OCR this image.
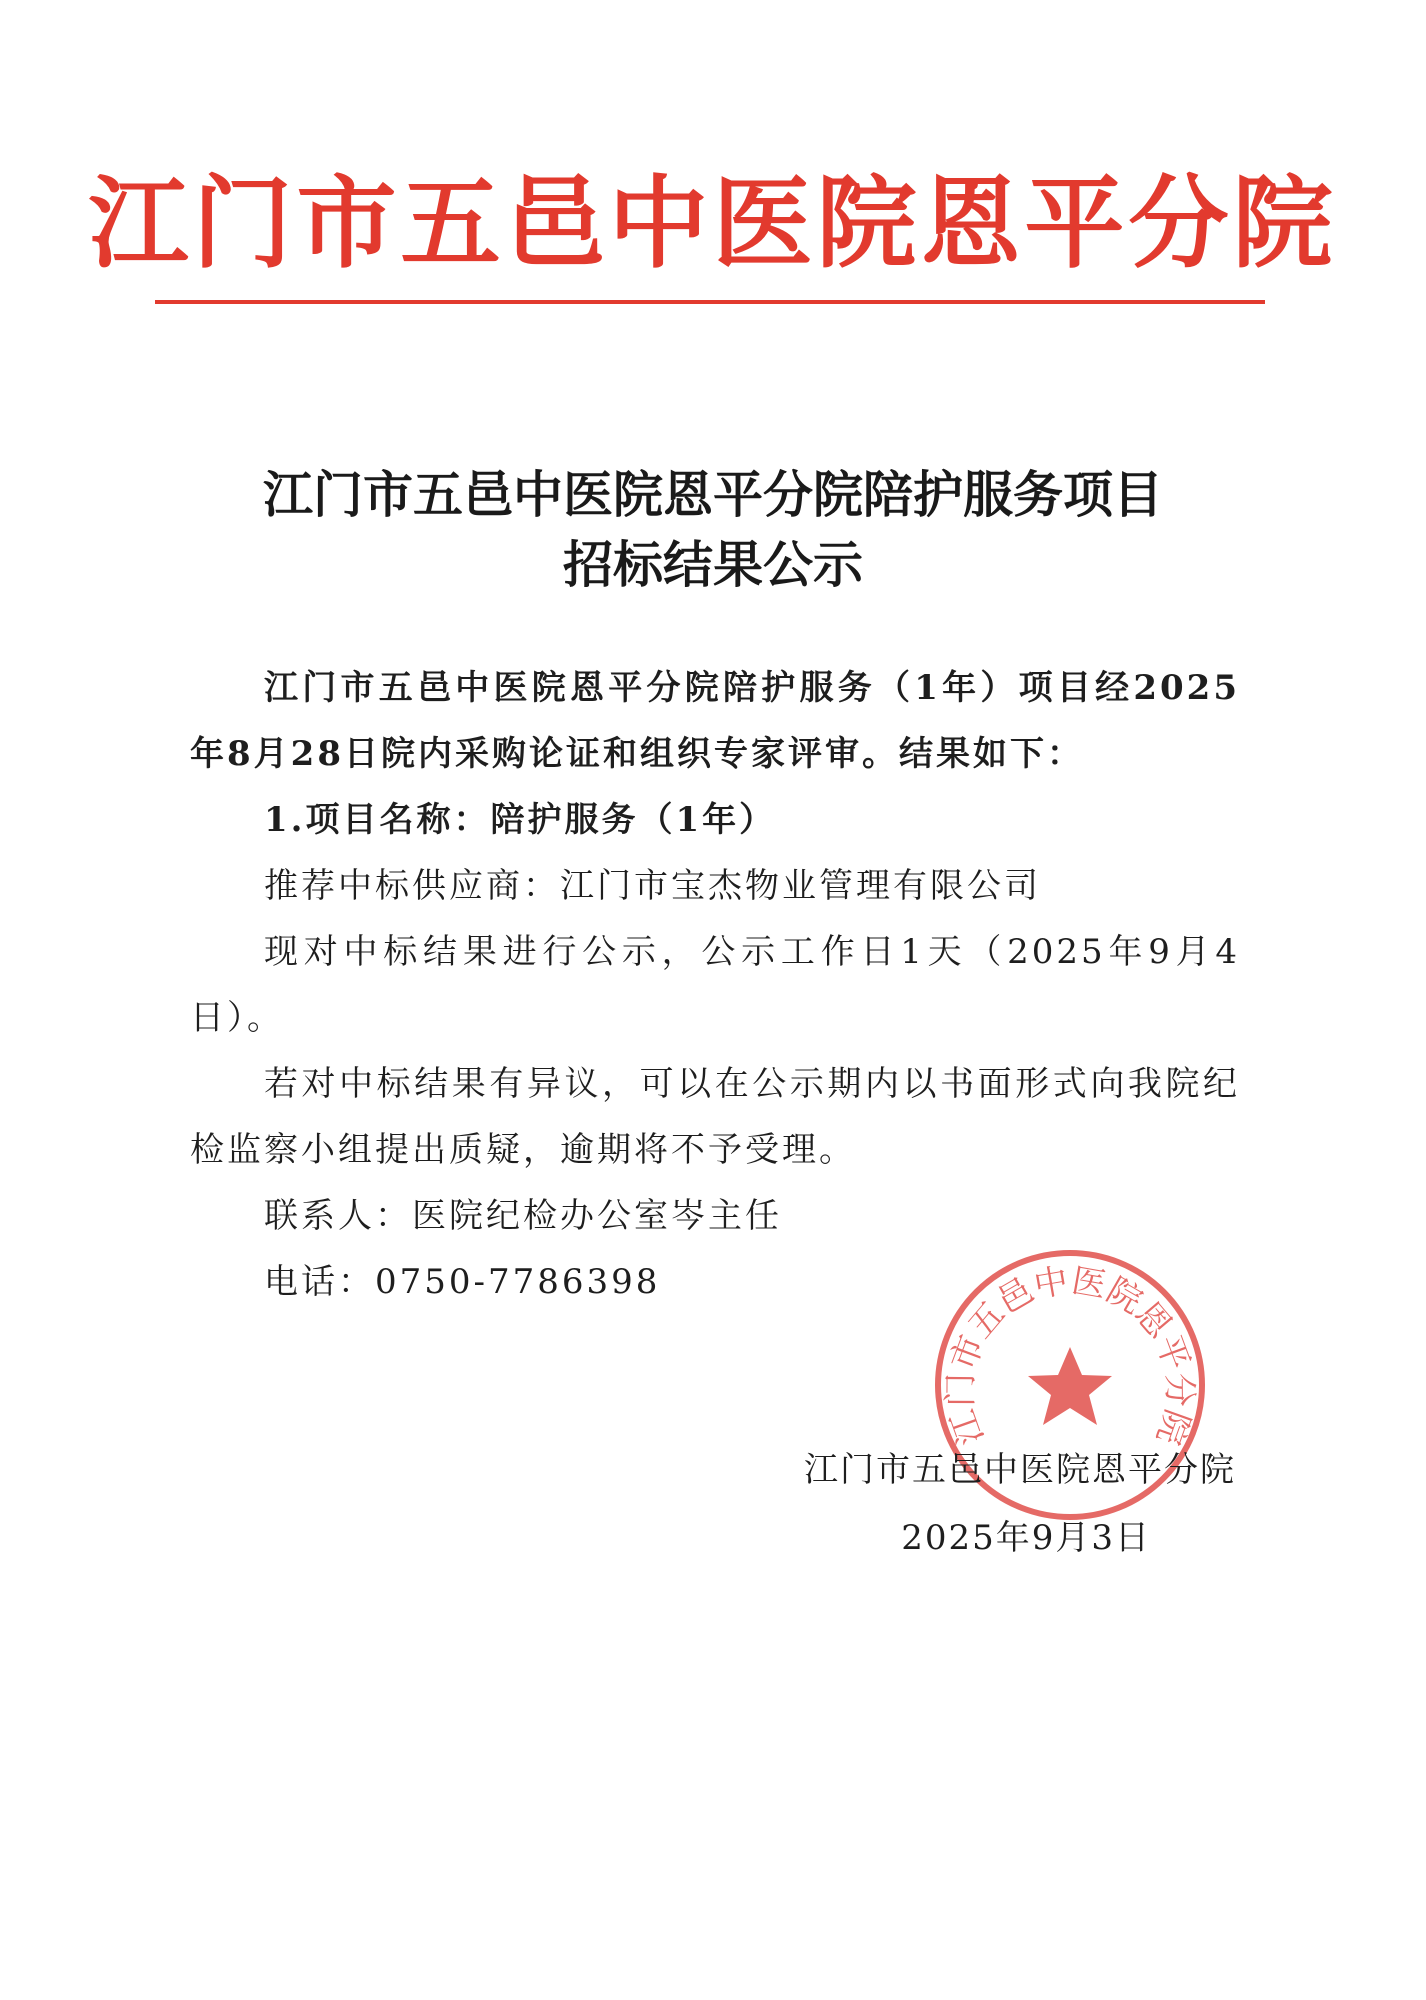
江门市五邑中医院恩平分院
江门市五邑中医院恩平分院陪护服务项目
招标结果公示

江门市五邑中医院恩平分院陪护服务（1年）项目经2025年8月28日院内采购论证和组织专家评审。结果如下：

1.项目名称：陪护服务（1年）

推荐中标供应商：江门市宝杰物业管理有限公司

现对中标结果进行公示，公示工作日1天（2025年9月4日）。

若对中标结果有异议，可以在公示期内以书面形式向我院纪检监察小组提出质疑，逾期将不予受理。

联系人：医院纪检办公室岑主任

电话：0750-7786398

江门市五邑中医院恩平分院
江门市五邑中医院恩平分院
2025年9月3日
